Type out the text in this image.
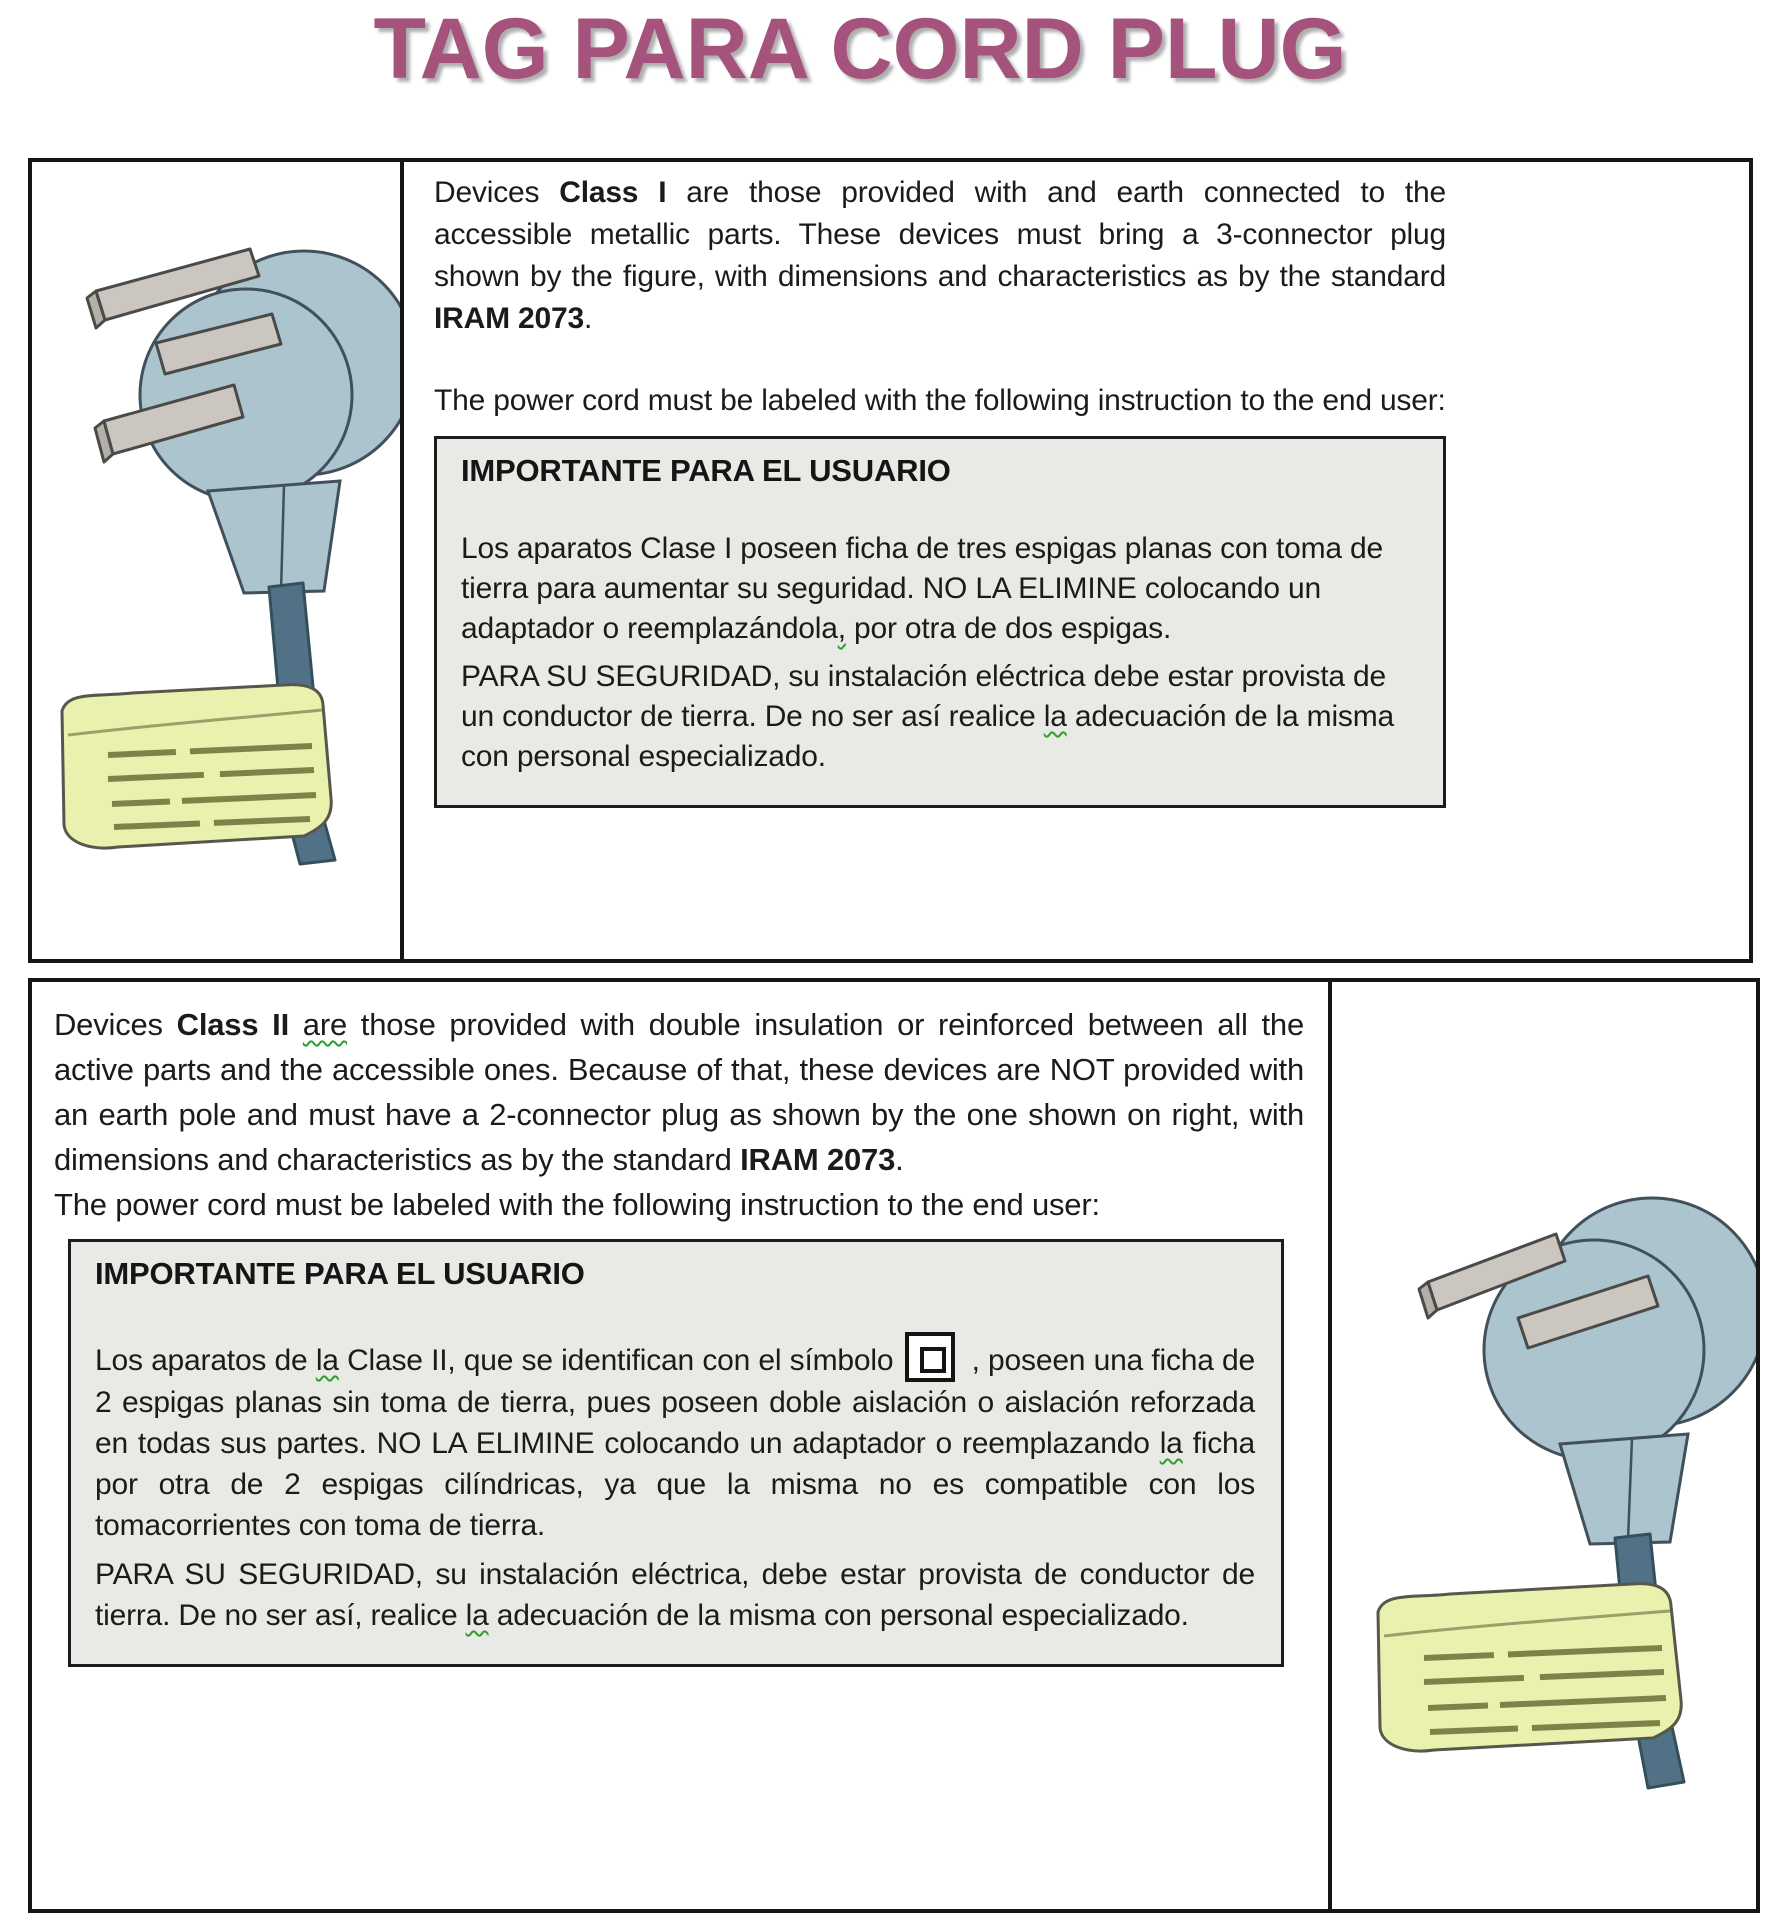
TAG PARA CORD PLUG

Devices Class I are those provided with and earth connected to the accessible metallic parts. These devices must bring a 3-connector plug shown by the figure, with dimensions and characteristics as by the standard IRAM 2073.

The power cord must be labeled with the following instruction to the end user:

IMPORTANTE PARA EL USUARIO

Los aparatos Clase I poseen ficha de tres espigas planas con toma de tierra para aumentar su seguridad. NO LA ELIMINE colocando un adaptador o reemplazándola, por otra de dos espigas.

PARA SU SEGURIDAD, su instalación eléctrica debe estar provista de un conductor de tierra. De no ser así realice la adecuación de la misma con personal especializado.

Devices Class II are those provided with double insulation or reinforced between all the active parts and the accessible ones. Because of that, these devices are NOT provided with an earth pole and must have a 2-connector plug as shown by the one shown on right, with dimensions and characteristics as by the standard IRAM 2073.

The power cord must be labeled with the following instruction to the end user:

IMPORTANTE PARA EL USUARIO

Los aparatos de la Clase II, que se identifican con el símbolo , poseen una ficha de 2 espigas planas sin toma de tierra, pues poseen doble aislación o aislación reforzada en todas sus partes. NO LA ELIMINE colocando un adaptador o reemplazando la ficha por otra de 2 espigas cilíndricas, ya que la misma no es compatible con los tomacorrientes con toma de tierra.

PARA SU SEGURIDAD, su instalación eléctrica, debe estar provista de conductor de tierra. De no ser así, realice la adecuación de la misma con personal especializado.
